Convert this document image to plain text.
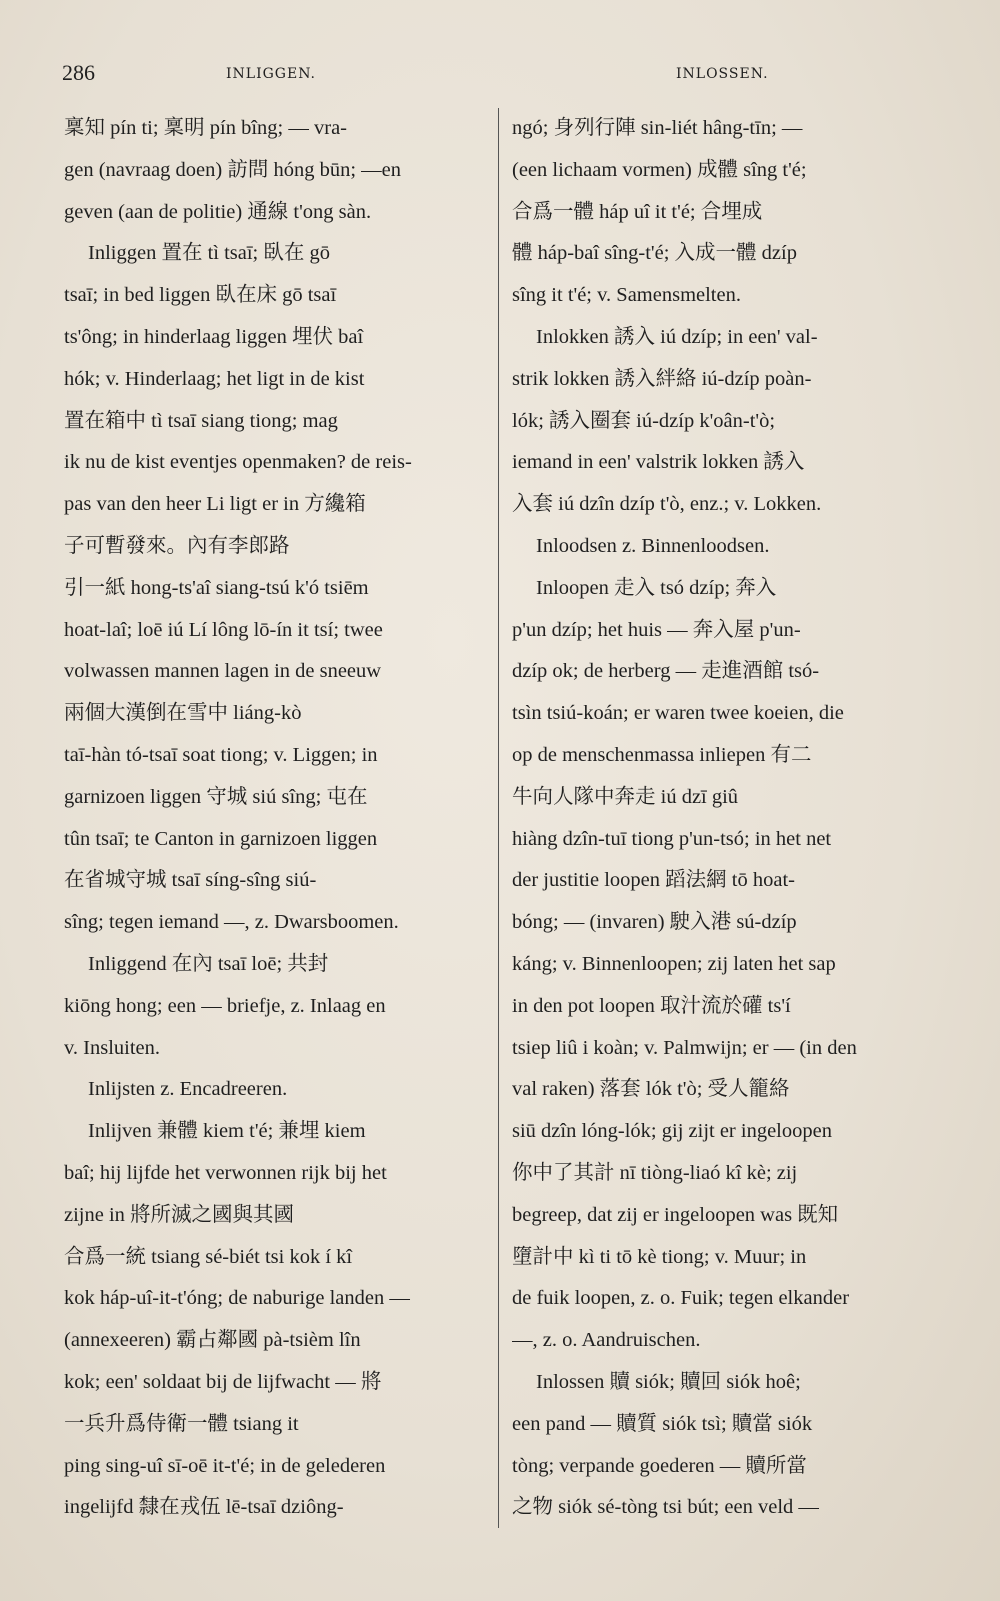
286	INLIGGEN.	INLOSSEN.
稟知 pín ti; 稟明 pín bîng; — vra-
gen (navraag doen) 訪問 hóng būn; —en
geven (aan de politie) 通線 t'ong sàn.
Inliggen 置在 tì tsaī; 臥在 gō
tsaī; in bed liggen 臥在床 gō tsaī
ts'ông; in hinderlaag liggen 埋伏 baî
hók; v. Hinderlaag; het ligt in de kist
置在箱中 tì tsaī siang tiong; mag
ik nu de kist eventjes openmaken? de reis-
pas van den heer Li ligt er in 方纔箱
子可暫發來。內有李郎路
引一紙 hong-ts'aî siang-tsú k'ó tsiēm
hoat-laî; loē iú Lí lông lō-ín it tsí; twee
volwassen mannen lagen in de sneeuw
兩個大漢倒在雪中 liáng-kò
taī-hàn tó-tsaī soat tiong; v. Liggen; in
garnizoen liggen 守城 siú sîng; 屯在
tûn tsaī; te Canton in garnizoen liggen
在省城守城 tsaī síng-sîng siú-
sîng; tegen iemand —, z. Dwarsboomen.
Inliggend 在內 tsaī loē; 共封
kiōng hong; een — briefje, z. Inlaag en
v. Insluiten.
Inlijsten z. Encadreeren.
Inlijven 兼體 kiem t'é; 兼埋 kiem
baî; hij lijfde het verwonnen rijk bij het
zijne in 將所滅之國與其國
合爲一統 tsiang sé-biét tsi kok í kî
kok háp-uî-it-t'óng; de naburige landen —
(annexeeren) 霸占鄰國 pà-tsièm lîn
kok; een' soldaat bij de lijfwacht — 將
一兵升爲侍衛一體 tsiang it
ping sing-uî sī-oē it-t'é; in de gelederen
ingelijfd 隸在戎伍 lē-tsaī dziông-
ngó; 身列行陣 sin-liét hâng-tīn; —
(een lichaam vormen) 成體 sîng t'é;
合爲一體 háp uî it t'é; 合埋成
體 háp-baî sîng-t'é; 入成一體 dzíp
sîng it t'é; v. Samensmelten.
Inlokken 誘入 iú dzíp; in een' val-
strik lokken 誘入絆絡 iú-dzíp poàn-
lók; 誘入圈套 iú-dzíp k'oân-t'ò;
iemand in een' valstrik lokken 誘入
入套 iú dzîn dzíp t'ò, enz.; v. Lokken.
Inloodsen z. Binnenloodsen.
Inloopen 走入 tsó dzíp; 奔入
p'un dzíp; het huis — 奔入屋 p'un-
dzíp ok; de herberg — 走進酒館 tsó-
tsìn tsiú-koán; er waren twee koeien, die
op de menschenmassa inliepen 有二
牛向人隊中奔走 iú dzī giû
hiàng dzîn-tuī tiong p'un-tsó; in het net
der justitie loopen 蹈法網 tō hoat-
bóng; — (invaren) 駛入港 sú-dzíp
káng; v. Binnenloopen; zij laten het sap
in den pot loopen 取汁流於礶 ts'í
tsiep liû i koàn; v. Palmwijn; er — (in den
val raken) 落套 lók t'ò; 受人籠絡
siū dzîn lóng-lók; gij zijt er ingeloopen
你中了其計 nī tiòng-liaó kî kè; zij
begreep, dat zij er ingeloopen was 既知
墮計中 kì ti tō kè tiong; v. Muur; in
de fuik loopen, z. o. Fuik; tegen elkander
—, z. o. Aandruischen.
Inlossen 贖 siók; 贖回 siók hoê;
een pand — 贖質 siók tsì; 贖當 siók
tòng; verpande goederen — 贖所當
之物 siók sé-tòng tsi bút; een veld —
